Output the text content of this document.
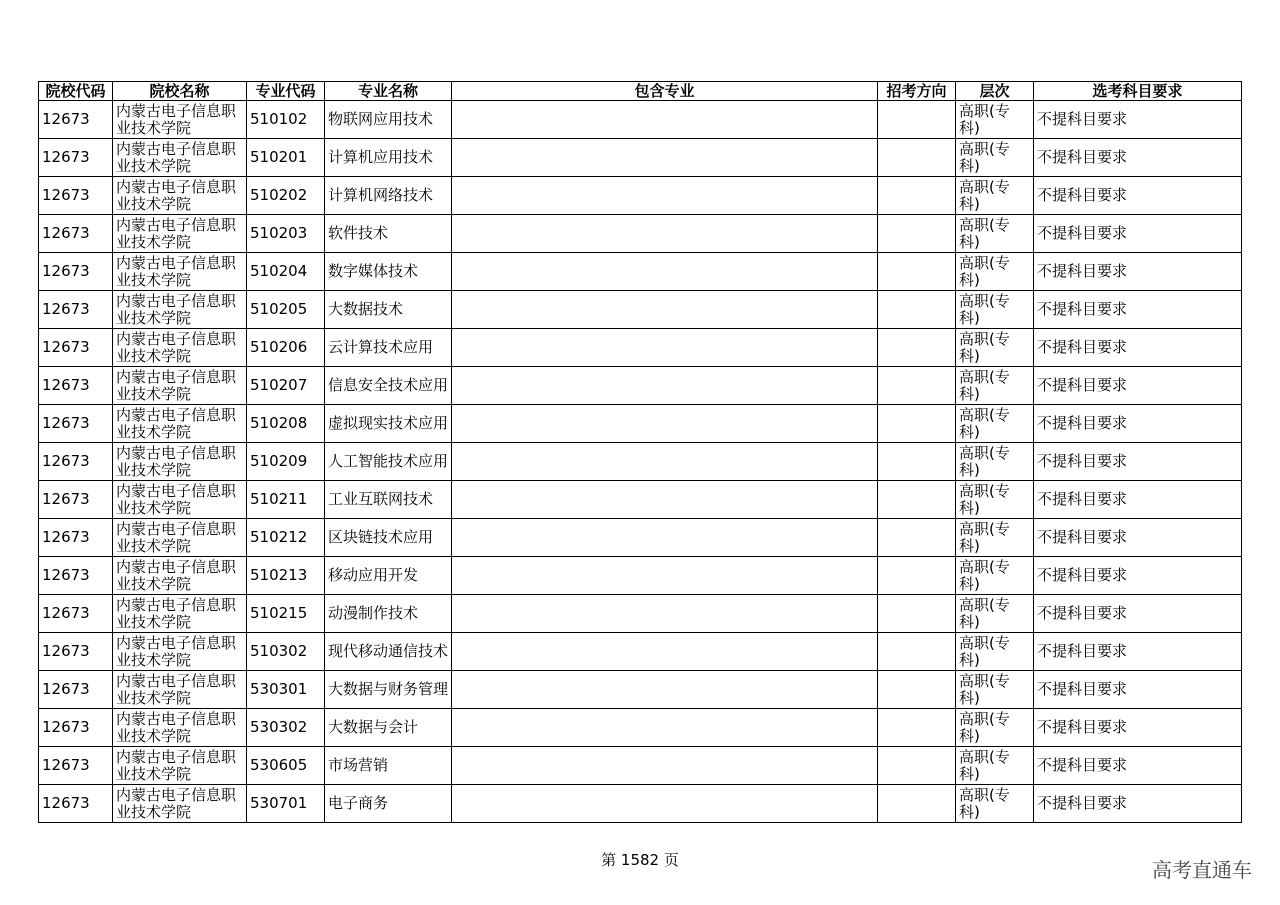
院校代码	院校名称	专业代码	专业名称	包含专业	招考方向	层次	选考科目要求
12673	内蒙古电子信息职业技术学院	510102	物联网应用技术			高职(专科)	不提科目要求
12673	内蒙古电子信息职业技术学院	510201	计算机应用技术			高职(专科)	不提科目要求
12673	内蒙古电子信息职业技术学院	510202	计算机网络技术			高职(专科)	不提科目要求
12673	内蒙古电子信息职业技术学院	510203	软件技术			高职(专科)	不提科目要求
12673	内蒙古电子信息职业技术学院	510204	数字媒体技术			高职(专科)	不提科目要求
12673	内蒙古电子信息职业技术学院	510205	大数据技术			高职(专科)	不提科目要求
12673	内蒙古电子信息职业技术学院	510206	云计算技术应用			高职(专科)	不提科目要求
12673	内蒙古电子信息职业技术学院	510207	信息安全技术应用			高职(专科)	不提科目要求
12673	内蒙古电子信息职业技术学院	510208	虚拟现实技术应用			高职(专科)	不提科目要求
12673	内蒙古电子信息职业技术学院	510209	人工智能技术应用			高职(专科)	不提科目要求
12673	内蒙古电子信息职业技术学院	510211	工业互联网技术			高职(专科)	不提科目要求
12673	内蒙古电子信息职业技术学院	510212	区块链技术应用			高职(专科)	不提科目要求
12673	内蒙古电子信息职业技术学院	510213	移动应用开发			高职(专科)	不提科目要求
12673	内蒙古电子信息职业技术学院	510215	动漫制作技术			高职(专科)	不提科目要求
12673	内蒙古电子信息职业技术学院	510302	现代移动通信技术			高职(专科)	不提科目要求
12673	内蒙古电子信息职业技术学院	530301	大数据与财务管理			高职(专科)	不提科目要求
12673	内蒙古电子信息职业技术学院	530302	大数据与会计			高职(专科)	不提科目要求
12673	内蒙古电子信息职业技术学院	530605	市场营销			高职(专科)	不提科目要求
12673	内蒙古电子信息职业技术学院	530701	电子商务			高职(专科)	不提科目要求
第 1582 页	高考直通车
